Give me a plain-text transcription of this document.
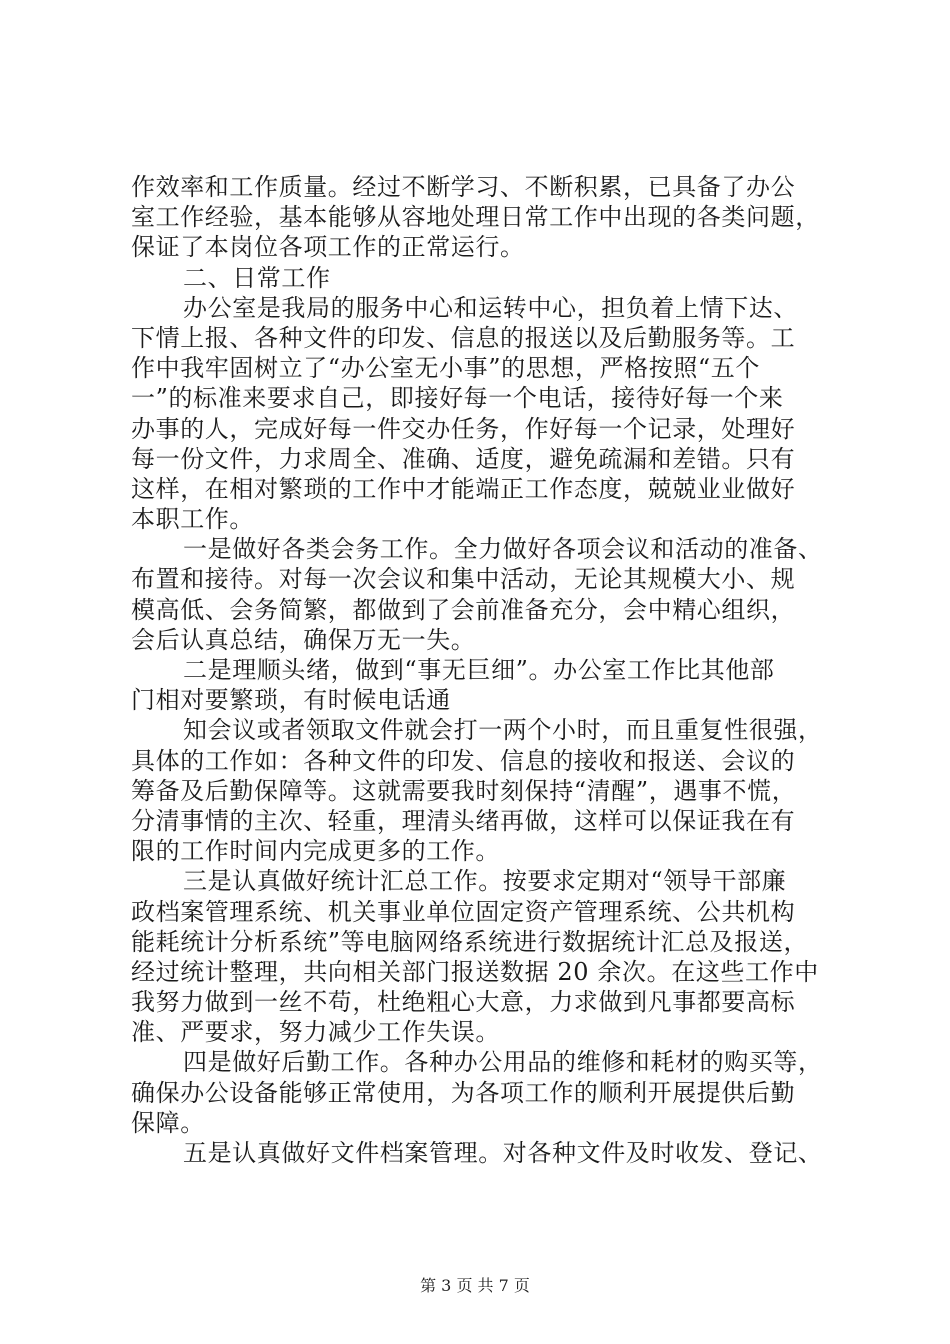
作效率和工作质量。经过不断学习、不断积累，已具备了办公
室工作经验，基本能够从容地处理日常工作中出现的各类问题，
保证了本岗位各项工作的正常运行。
二、日常工作
办公室是我局的服务中心和运转中心，担负着上情下达、
下情上报、各种文件的印发、信息的报送以及后勤服务等。工
作中我牢固树立了“办公室无小事”的思想，严格按照“五个
一”的标准来要求自己，即接好每一个电话，接待好每一个来
办事的人，完成好每一件交办任务，作好每一个记录，处理好
每一份文件，力求周全、准确、适度，避免疏漏和差错。只有
这样，在相对繁琐的工作中才能端正工作态度，兢兢业业做好
本职工作。
一是做好各类会务工作。全力做好各项会议和活动的准备、
布置和接待。对每一次会议和集中活动，无论其规模大小、规
模高低、会务简繁，都做到了会前准备充分，会中精心组织，
会后认真总结，确保万无一失。
二是理顺头绪，做到“事无巨细”。办公室工作比其他部
门相对要繁琐，有时候电话通
知会议或者领取文件就会打一两个小时，而且重复性很强，
具体的工作如：各种文件的印发、信息的接收和报送、会议的
筹备及后勤保障等。这就需要我时刻保持“清醒”，遇事不慌，
分清事情的主次、轻重，理清头绪再做，这样可以保证我在有
限的工作时间内完成更多的工作。
三是认真做好统计汇总工作。按要求定期对“领导干部廉
政档案管理系统、机关事业单位固定资产管理系统、公共机构
能耗统计分析系统”等电脑网络系统进行数据统计汇总及报送，
经过统计整理，共向相关部门报送数据 20 余次。在这些工作中
我努力做到一丝不苟，杜绝粗心大意，力求做到凡事都要高标
准、严要求，努力减少工作失误。
四是做好后勤工作。各种办公用品的维修和耗材的购买等，
确保办公设备能够正常使用，为各项工作的顺利开展提供后勤
保障。
五是认真做好文件档案管理。对各种文件及时收发、登记、
第 3 页 共 7 页
